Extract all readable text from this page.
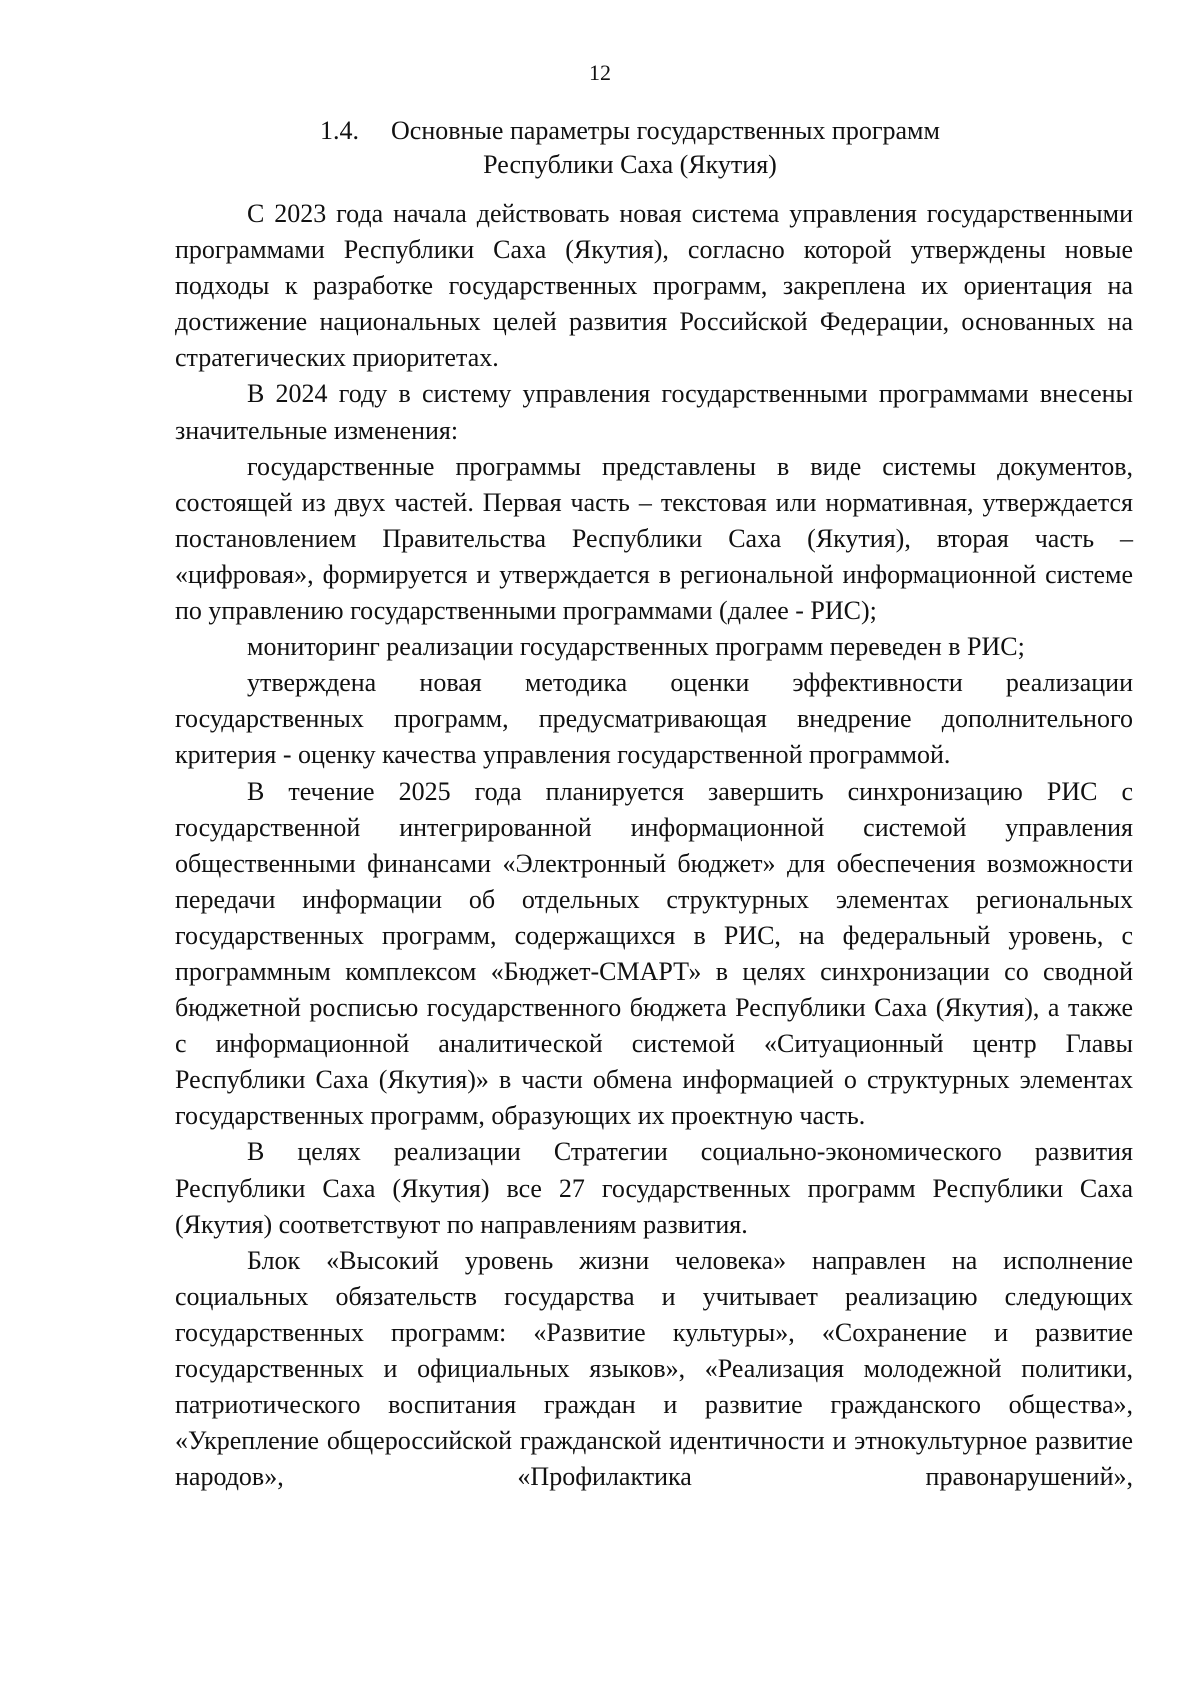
12
1.4. Основные параметры государственных программ
Республики Саха (Якутия)

С 2023 года начала действовать новая система управления государственными программами Республики Саха (Якутия), согласно которой утверждены новые подходы к разработке государственных программ, закреплена их ориентация на достижение национальных целей развития Российской Федерации, основанных на стратегических приоритетах.

В 2024 году в систему управления государственными программами внесены значительные изменения:

государственные программы представлены в виде системы документов, состоящей из двух частей. Первая часть – текстовая или нормативная, утверждается постановлением Правительства Республики Саха (Якутия), вторая часть – «цифровая», формируется и утверждается в региональной информационной системе по управлению государственными программами (далее - РИС);

мониторинг реализации государственных программ переведен в РИС;

утверждена новая методика оценки эффективности реализации государственных программ, предусматривающая внедрение дополнительного критерия - оценку качества управления государственной программой.

В течение 2025 года планируется завершить синхронизацию РИС с государственной интегрированной информационной системой управления общественными финансами «Электронный бюджет» для обеспечения возможности передачи информации об отдельных структурных элементах региональных государственных программ, содержащихся в РИС, на федеральный уровень, с программным комплексом «Бюджет-СМАРТ» в целях синхронизации со сводной бюджетной росписью государственного бюджета Республики Саха (Якутия), а также с информационной аналитической системой «Ситуационный центр Главы Республики Саха (Якутия)» в части обмена информацией о структурных элементах государственных программ, образующих их проектную часть.

В целях реализации Стратегии социально-экономического развития Республики Саха (Якутия) все 27 государственных программ Республики Саха (Якутия) соответствуют по направлениям развития.

Блок «Высокий уровень жизни человека» направлен на исполнение социальных обязательств государства и учитывает реализацию следующих государственных программ: «Развитие культуры», «Сохранение и развитие государственных и официальных языков», «Реализация молодежной политики, патриотического воспитания граждан и развитие гражданского общества», «Укрепление общероссийской гражданской идентичности и этнокультурное развитие народов», «Профилактика правонарушений»,
